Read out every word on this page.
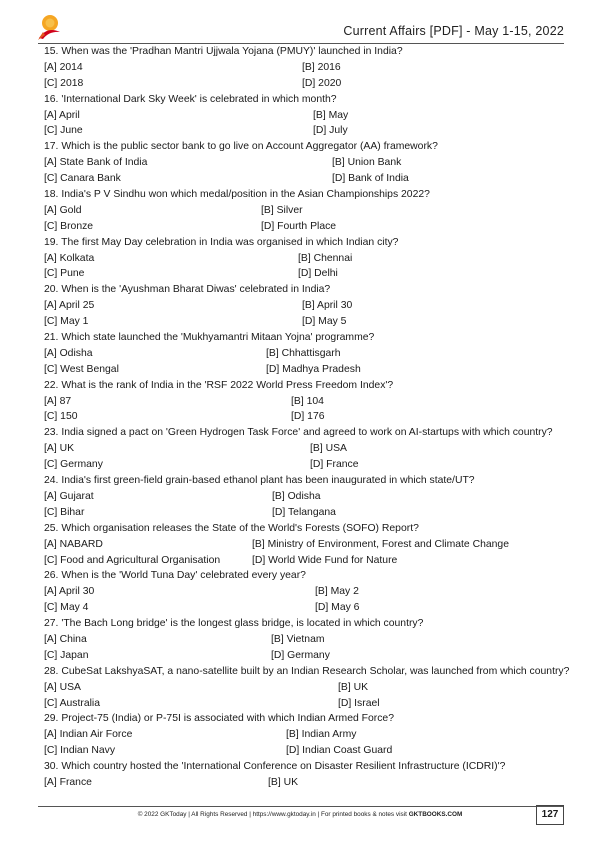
Current Affairs [PDF] - May 1-15, 2022
15. When was the 'Pradhan Mantri Ujjwala Yojana (PMUY)' launched in India?
[A] 2014	[B] 2016
[C] 2018	[D] 2020
16. 'International Dark Sky Week' is celebrated in which month?
[A] April	[B] May
[C] June	[D] July
17. Which is the public sector bank to go live on Account Aggregator (AA) framework?
[A] State Bank of India	[B] Union Bank
[C] Canara Bank	[D] Bank of India
18. India's P V Sindhu won which medal/position in the Asian Championships 2022?
[A] Gold	[B] Silver
[C] Bronze	[D] Fourth Place
19. The first May Day celebration in India was organised in which Indian city?
[A] Kolkata	[B] Chennai
[C] Pune	[D] Delhi
20. When is the 'Ayushman Bharat Diwas' celebrated in India?
[A] April 25	[B] April 30
[C] May 1	[D] May 5
21. Which state launched the 'Mukhyamantri Mitaan Yojna' programme?
[A] Odisha	[B] Chhattisgarh
[C] West Bengal	[D] Madhya Pradesh
22. What is the rank of India in the 'RSF 2022 World Press Freedom Index'?
[A] 87	[B] 104
[C] 150	[D] 176
23. India signed a pact on 'Green Hydrogen Task Force' and agreed to work on AI-startups with which country?
[A] UK	[B] USA
[C] Germany	[D] France
24. India's first green-field grain-based ethanol plant has been inaugurated in which state/UT?
[A] Gujarat	[B] Odisha
[C] Bihar	[D] Telangana
25. Which organisation releases the State of the World's Forests (SOFO) Report?
[A] NABARD	[B] Ministry of Environment, Forest and Climate Change
[C] Food and Agricultural Organisation	[D] World Wide Fund for Nature
26. When is the 'World Tuna Day' celebrated every year?
[A] April 30	[B] May 2
[C] May 4	[D] May 6
27. 'The Bach Long bridge' is the longest glass bridge, is located in which country?
[A] China	[B] Vietnam
[C] Japan	[D] Germany
28. CubeSat LakshyaSAT, a nano-satellite built by an Indian Research Scholar, was launched from which country?
[A] USA	[B] UK
[C] Australia	[D] Israel
29. Project-75 (India) or P-75I is associated with which Indian Armed Force?
[A] Indian Air Force	[B] Indian Army
[C] Indian Navy	[D] Indian Coast Guard
30. Which country hosted the 'International Conference on Disaster Resilient Infrastructure (ICDRI)'?
[A] France	[B] UK
© 2022 GKToday | All Rights Reserved | https://www.gktoday.in | For printed books & notes visit GKTBOOKS.COM	127
